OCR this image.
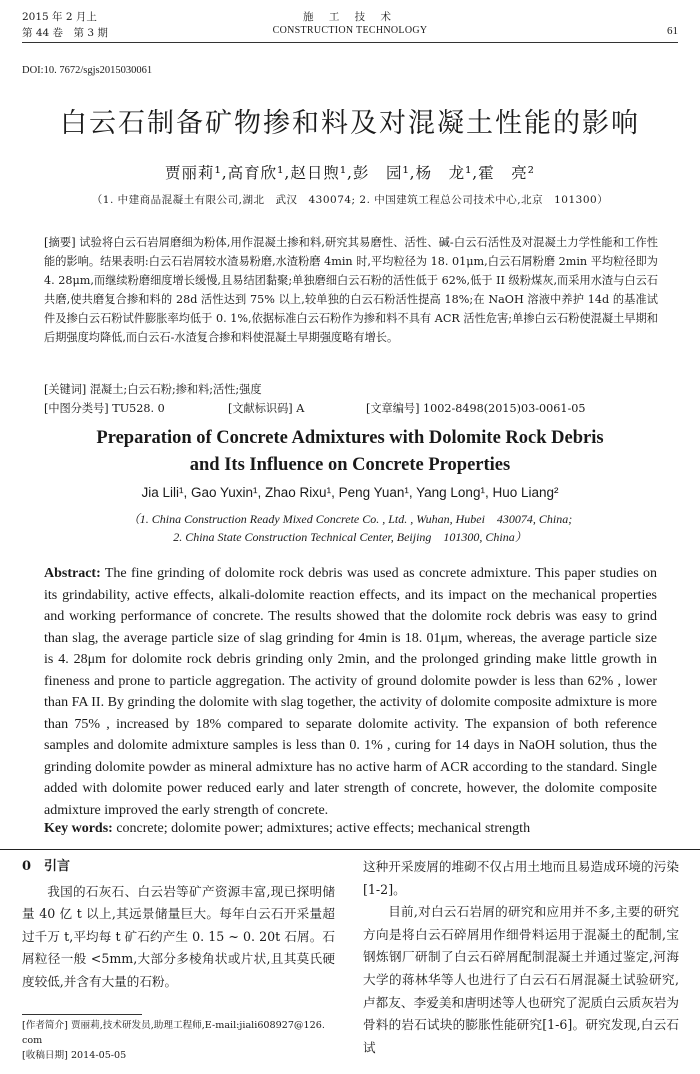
2015 年 2 月上
第 44 卷　第 3 期
施 工 技 术
CONSTRUCTION TECHNOLOGY	61
DOI:10. 7672/sgjs2015030061
白云石制备矿物掺和料及对混凝土性能的影响
贾丽莉¹,高育欣¹,赵日煦¹,彭　园¹,杨　龙¹,霍　亮²
（1. 中建商品混凝土有限公司,湖北　武汉　430074; 2. 中国建筑工程总公司技术中心,北京　101300）
[摘要] 试验将白云石岩屑磨细为粉体,用作混凝土掺和料,研究其易磨性、活性、碱-白云石活性及对混凝土力学性能和工作性能的影响。结果表明:白云石岩屑较水渣易粉磨,水渣粉磨 4min 时,平均粒径为 18. 01μm,白云石屑粉磨 2min 平均粒径即为 4. 28μm,而继续粉磨细度增长缓慢,且易结团黏聚;单独磨细白云石粉的活性低于 62%,低于 II 级粉煤灰,而采用水渣与白云石共磨,使共磨复合掺和料的 28d 活性达到 75% 以上,较单独的白云石粉活性提高 18%;在 NaOH 溶液中养护 14d 的基准试件及掺白云石粉试件膨胀率均低于 0. 1%,依据标准白云石粉作为掺和料不具有 ACR 活性危害;单掺白云石粉使混凝土早期和后期强度均降低,而白云石-水渣复合掺和料使混凝土早期强度略有增长。
[关键词] 混凝土;白云石粉;掺和料;活性;强度
[中图分类号] TU528. 0	[文献标识码] A	[文章编号] 1002-8498(2015)03-0061-05
Preparation of Concrete Admixtures with Dolomite Rock Debris
and Its Influence on Concrete Properties
Jia Lili¹, Gao Yuxin¹, Zhao Rixu¹, Peng Yuan¹, Yang Long¹, Huo Liang²
（1. China Construction Ready Mixed Concrete Co. , Ltd. , Wuhan, Hubei　430074, China;
2. China State Construction Technical Center, Beijing　101300, China）
Abstract: The fine grinding of dolomite rock debris was used as concrete admixture. This paper studies on its grindability, active effects, alkali-dolomite reaction effects, and its impact on the mechanical properties and working performance of concrete. The results showed that the dolomite rock debris was easy to grind than slag, the average particle size of slag grinding for 4min is 18. 01μm, whereas, the average particle size is 4. 28μm for dolomite rock debris grinding only 2min, and the prolonged grinding make little growth in fineness and prone to particle aggregation. The activity of ground dolomite powder is less than 62% , lower than FA II. By grinding the dolomite with slag together, the activity of dolomite composite admixture is more than 75% , increased by 18% compared to separate dolomite activity. The expansion of both reference samples and dolomite admixture samples is less than 0. 1% , curing for 14 days in NaOH solution, thus the grinding dolomite powder as mineral admixture has no active harm of ACR according to the standard. Single added with dolomite power reduced early and later strength of concrete, however, the dolomite composite admixture improved the early strength of concrete.
Key words: concrete; dolomite power; admixtures; active effects; mechanical strength
0　引言

我国的石灰石、白云岩等矿产资源丰富,现已探明储量 40 亿 t 以上,其远景储量巨大。每年白云石开采量超过千万 t,平均每 t 矿石约产生 0. 15 ~ 0. 20t 石屑。石屑粒径一般 <5mm,大部分多棱角状或片状,且其莫氏硬度较低,并含有大量的石粉。

这种开采废屑的堆砌不仅占用土地而且易造成环境的污染[1-2]。

目前,对白云石岩屑的研究和应用并不多,主要的研究方向是将白云石碎屑用作细骨料运用于混凝土的配制,宝钢炼钢厂研制了白云石碎屑配制混凝土并通过鉴定,河海大学的蒋林华等人也进行了白云石石屑混凝土试验研究,卢都友、李爱美和唐明述等人也研究了泥质白云质灰岩为骨料的岩石试块的膨胀性能研究[1-6]。研究发现,白云石试

[作者简介] 贾丽莉,技术研发员,助理工程师,E-mail:jiali608927@126. com
[收稿日期] 2014-05-05
